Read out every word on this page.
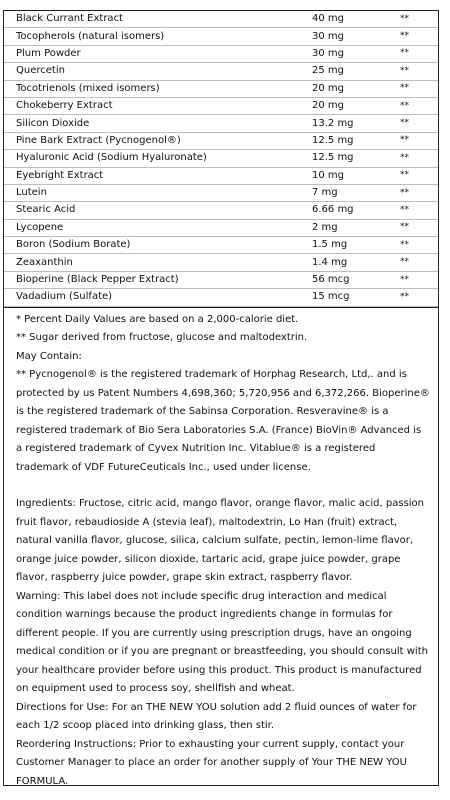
Black Currant Extract	40 mg	**
Tocopherols (natural isomers)	30 mg	**
Plum Powder	30 mg	**
Quercetin	25 mg	**
Tocotrienols (mixed isomers)	20 mg	**
Chokeberry Extract	20 mg	**
Silicon Dioxide	13.2 mg	**
Pine Bark Extract (Pycnogenol®)	12.5 mg	**
Hyaluronic Acid (Sodium Hyaluronate)	12.5 mg	**
Eyebright Extract	10 mg	**
Lutein	7 mg	**
Stearic Acid	6.66 mg	**
Lycopene	2 mg	**
Boron (Sodium Borate)	1.5 mg	**
Zeaxanthin	1.4 mg	**
Bioperine (Black Pepper Extract)	56 mcg	**
Vadadium (Sulfate)	15 mcg	**

* Percent Daily Values are based on a 2,000-calorie diet.

** Sugar derived from fructose, glucose and maltodextrin.

May Contain:

** Pycnogenol® is the registered trademark of Horphag Research, Ltd,. and is protected by us Patent Numbers 4,698,360; 5,720,956 and 6,372,266. Bioperine® is the registered trademark of the Sabinsa Corporation. Resveravine® is a registered trademark of Bio Sera Laboratories S.A. (France) BioVin® Advanced is a registered trademark of Cyvex Nutrition Inc. Vitablue® is a registered trademark of VDF FutureCeuticals Inc., used under license.

Ingredients: Fructose, citric acid, mango flavor, orange flavor, malic acid, passion fruit flavor, rebaudioside A (stevia leaf), maltodextrin, Lo Han (fruit) extract, natural vanilla flavor, glucose, silica, calcium sulfate, pectin, lemon-lime flavor, orange juice powder, silicon dioxide, tartaric acid, grape juice powder, grape flavor, raspberry juice powder, grape skin extract, raspberry flavor.

Warning: This label does not include specific drug interaction and medical condition warnings because the product ingredients change in formulas for different people. If you are currently using prescription drugs, have an ongoing medical condition or if you are pregnant or breastfeeding, you should consult with your healthcare provider before using this product. This product is manufactured on equipment used to process soy, shellfish and wheat.

Directions for Use: For an THE NEW YOU solution add 2 fluid ounces of water for each 1/2 scoop placed into drinking glass, then stir.

Reordering Instructions: Prior to exhausting your current supply, contact your Customer Manager to place an order for another supply of Your THE NEW YOU FORMULA.
